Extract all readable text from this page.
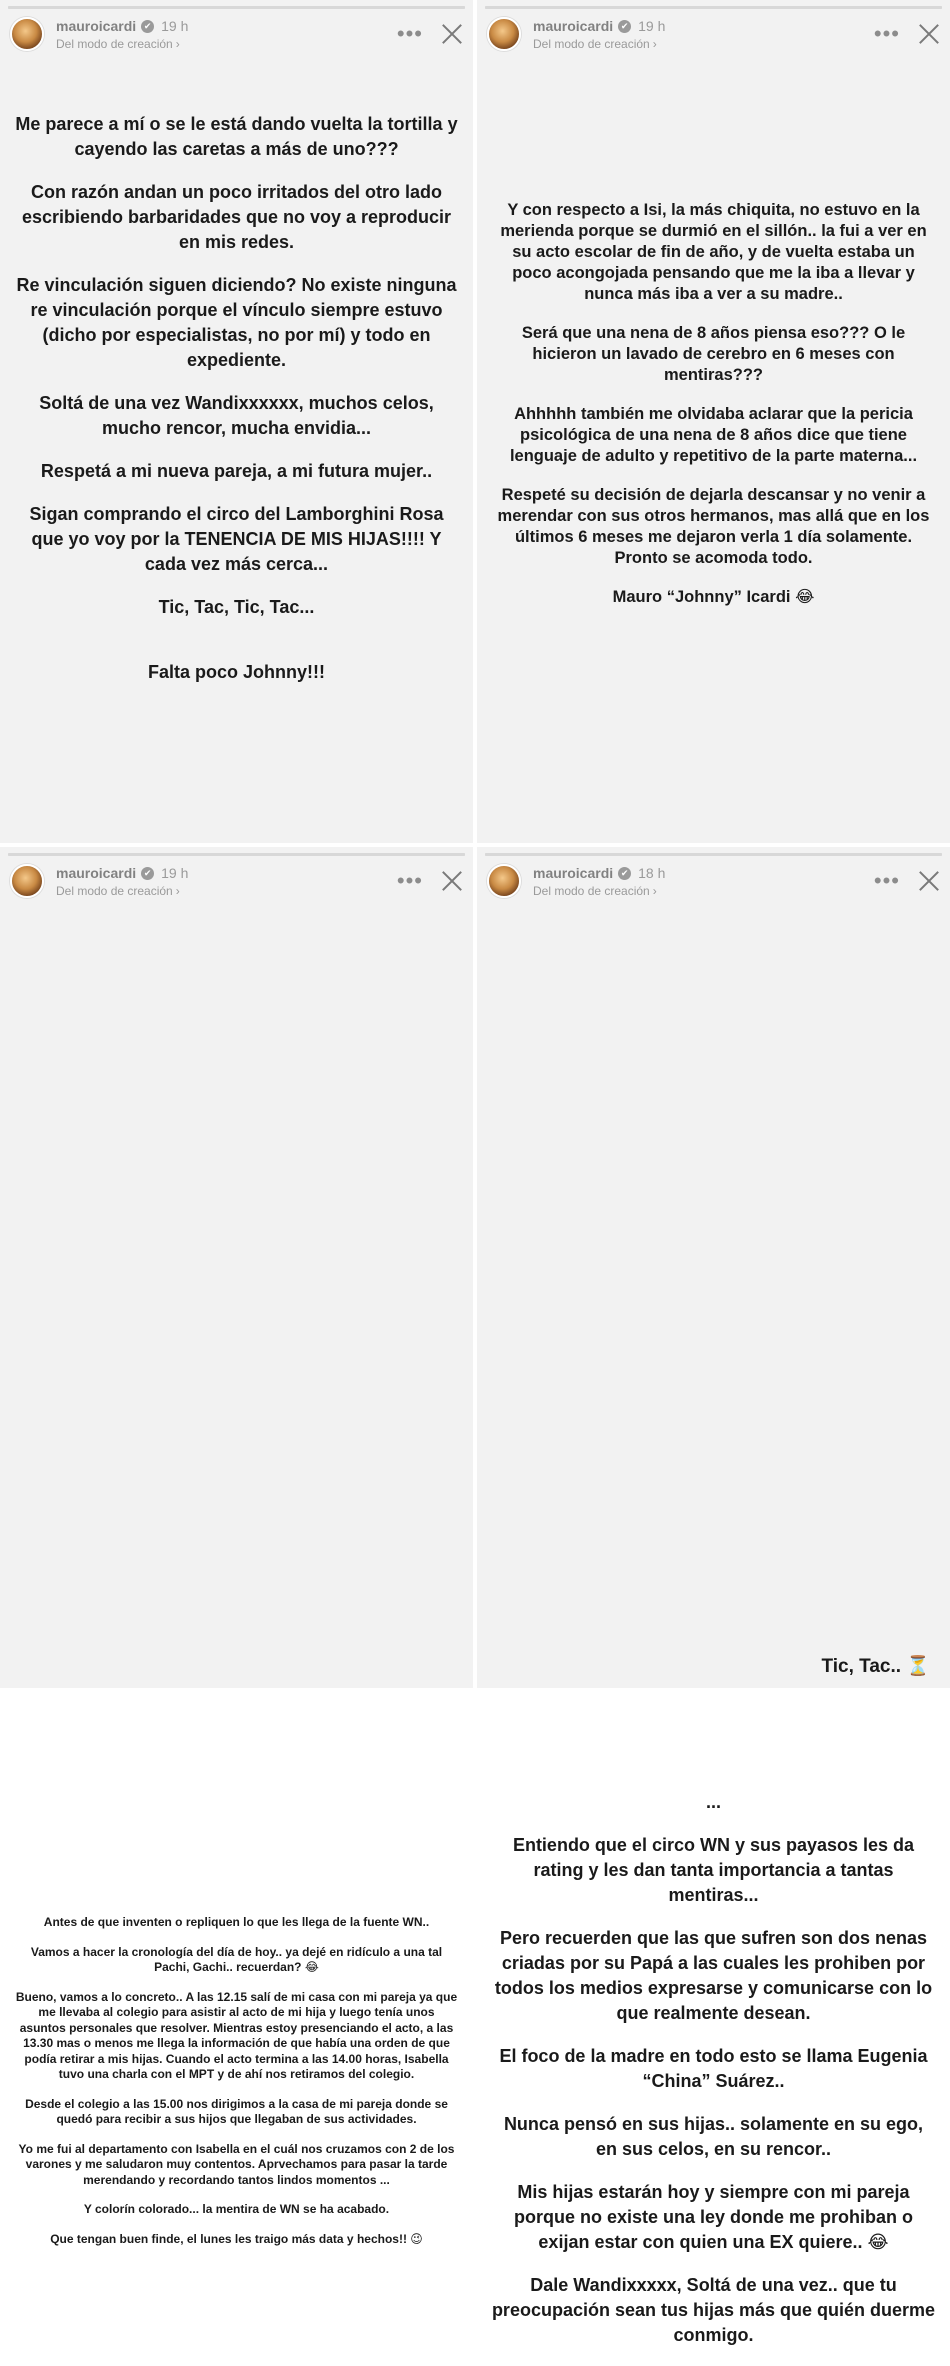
mauroicardi ✔ 19 h
Del modo de creación ›	•••

Me parece a mí o se le está dando vuelta la tortilla y cayendo las caretas a más de uno???

Con razón andan un poco irritados del otro lado escribiendo barbaridades que no voy a reproducir en mis redes.

Re vinculación siguen diciendo? No existe ninguna re vinculación porque el vínculo siempre estuvo (dicho por especialistas, no por mí) y todo en expediente.

Soltá de una vez Wandixxxxxx, muchos celos, mucho rencor, mucha envidia...

Respetá a mi nueva pareja, a mi futura mujer..

Sigan comprando el circo del Lamborghini Rosa que yo voy por la TENENCIA DE MIS HIJAS!!!! Y cada vez más cerca...

Tic, Tac, Tic, Tac...

Falta poco Johnny!!!

mauroicardi ✔ 19 h
Del modo de creación ›	•••

Y con respecto a Isi, la más chiquita, no estuvo en la merienda porque se durmió en el sillón.. la fui a ver en su acto escolar de fin de año, y de vuelta estaba un poco acongojada pensando que me la iba a llevar y nunca más iba a ver a su madre..

Será que una nena de 8 años piensa eso??? O le hicieron un lavado de cerebro en 6 meses con mentiras???

Ahhhhh también me olvidaba aclarar que la pericia psicológica de una nena de 8 años dice que tiene lenguaje de adulto y repetitivo de la parte materna...

Respeté su decisión de dejarla descansar y no venir a merendar con sus otros hermanos, mas allá que en los últimos 6 meses me dejaron verla 1 día solamente. Pronto se acomoda todo.

Mauro “Johnny” Icardi 😂

mauroicardi ✔ 19 h
Del modo de creación ›	•••

Antes de que inventen o repliquen lo que les llega de la fuente WN..

Vamos a hacer la cronología del día de hoy.. ya dejé en ridículo a una tal Pachi, Gachi.. recuerdan? 😂

Bueno, vamos a lo concreto.. A las 12.15 salí de mi casa con mi pareja ya que me llevaba al colegio para asistir al acto de mi hija y luego tenía unos asuntos personales que resolver. Mientras estoy presenciando el acto, a las 13.30 mas o menos me llega la información de que había una orden de que podía retirar a mis hijas. Cuando el acto termina a las 14.00 horas, Isabella tuvo una charla con el MPT y de ahí nos retiramos del colegio.

Desde el colegio a las 15.00 nos dirigimos a la casa de mi pareja donde se quedó para recibir a sus hijos que llegaban de sus actividades.

Yo me fui al departamento con Isabella en el cuál nos cruzamos con 2 de los varones y me saludaron muy contentos. Aprvechamos para pasar la tarde merendando y recordando tantos lindos momentos ...

Y colorín colorado... la mentira de WN se ha acabado.

Que tengan buen finde, el lunes les traigo más data y hechos!! 😉

mauroicardi ✔ 18 h
Del modo de creación ›	•••

...

Entiendo que el circo WN y sus payasos les da rating y les dan tanta importancia a tantas mentiras...

Pero recuerden que las que sufren son dos nenas criadas por su Papá a las cuales les prohiben por todos los medios expresarse y comunicarse con lo que realmente desean.

El foco de la madre en todo esto se llama Eugenia “China” Suárez..

Nunca pensó en sus hijas.. solamente en su ego, en sus celos, en su rencor..

Mis hijas estarán hoy y siempre con mi pareja porque no existe una ley donde me prohiban o exijan estar con quien una EX quiere.. 😂

Dale Wandixxxxx, Soltá de una vez.. que tu preocupación sean tus hijas más que quién duerme conmigo.

Tic, Tac.. ⏳
